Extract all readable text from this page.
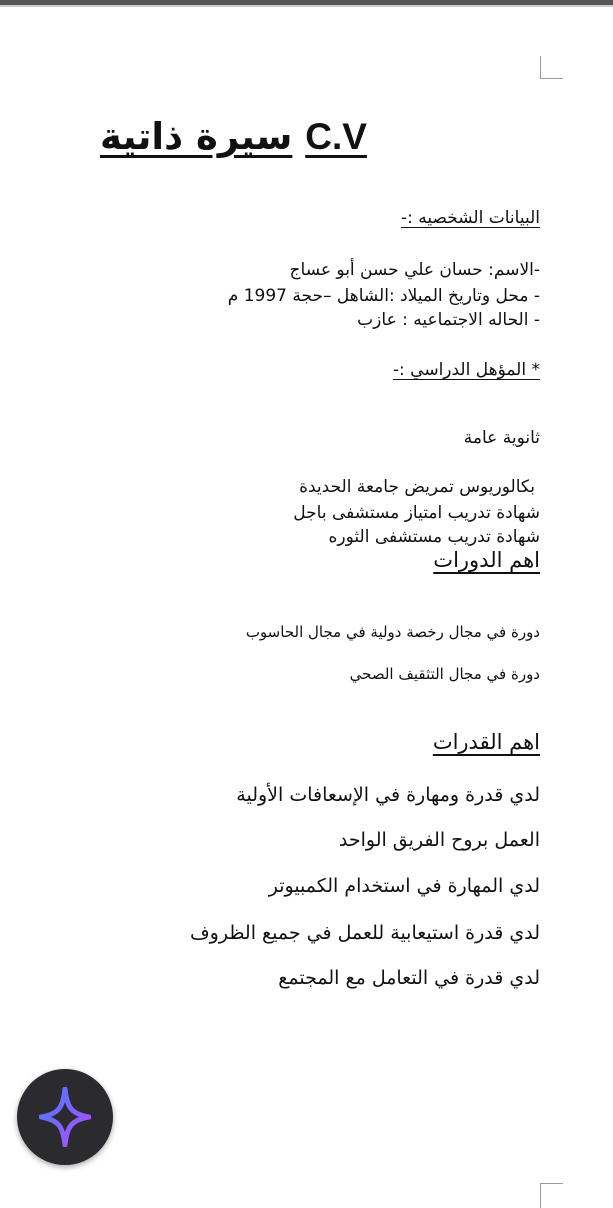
سيرة ذاتية C.V
البيانات الشخصيه :-
-الاسم: حسان علي حسن أبو عساج
- محل وتاريخ الميلاد :الشاهل –حجة 1997 م
- الحاله الاجتماعيه : عازب
* المؤهل الدراسي :-
ثانوية عامة
بكالوريوس تمريض جامعة الحديدة
شهادة تدريب امتياز مستشفى باجل
شهادة تدريب مستشفى الثوره
اهم الدورات
دورة في مجال رخصة دولية في مجال الحاسوب
دورة في مجال التثقيف الصحي
اهم القدرات
لدي قدرة ومهارة في الإسعافات الأولية
العمل بروح الفريق الواحد
لدي المهارة في استخدام الكمبيوتر
لدي قدرة استيعابية للعمل في جميع الظروف
لدي قدرة في التعامل مع المجتمع
